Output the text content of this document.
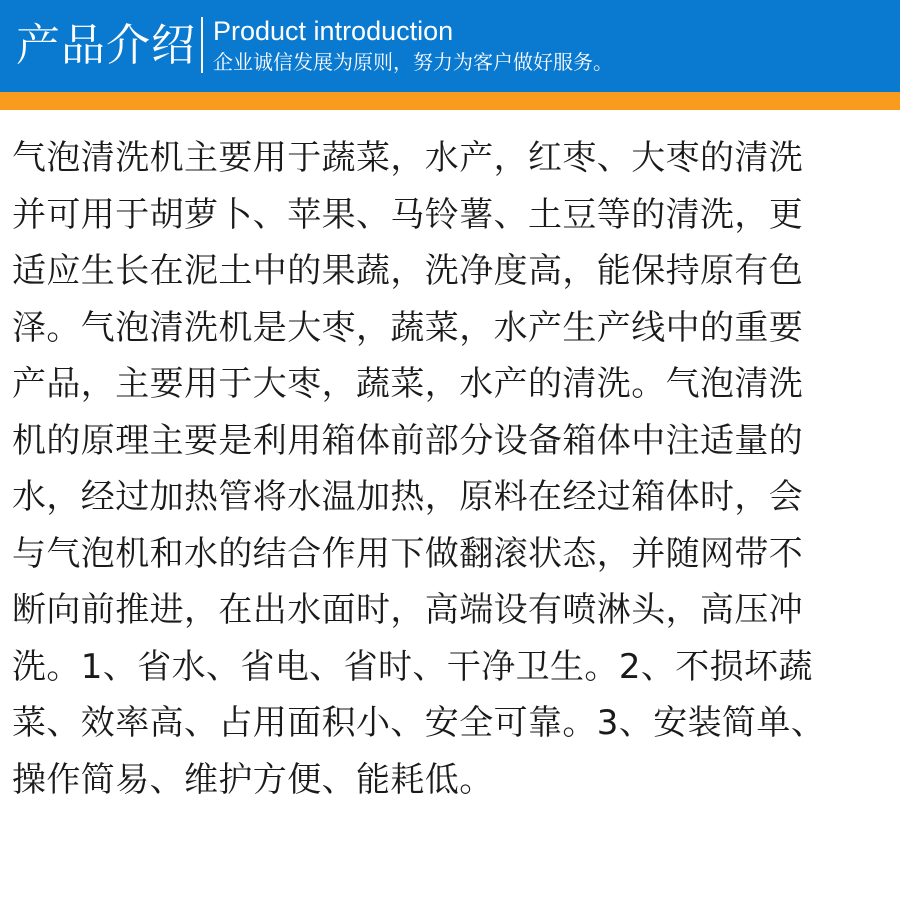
产品介绍 Product introduction
企业诚信发展为原则，努力为客户做好服务。
气泡清洗机主要用于蔬菜，水产，红枣、大枣的清洗
并可用于胡萝卜、苹果、马铃薯、土豆等的清洗，更
适应生长在泥土中的果蔬，洗净度高，能保持原有色
泽。气泡清洗机是大枣，蔬菜，水产生产线中的重要
产品，主要用于大枣，蔬菜，水产的清洗。气泡清洗
机的原理主要是利用箱体前部分设备箱体中注适量的
水，经过加热管将水温加热，原料在经过箱体时，会
与气泡机和水的结合作用下做翻滚状态，并随网带不
断向前推进，在出水面时，高端设有喷淋头，高压冲
洗。1、省水、省电、省时、干净卫生。2、不损坏蔬
菜、效率高、占用面积小、安全可靠。3、安装简单、
操作简易、维护方便、能耗低。
